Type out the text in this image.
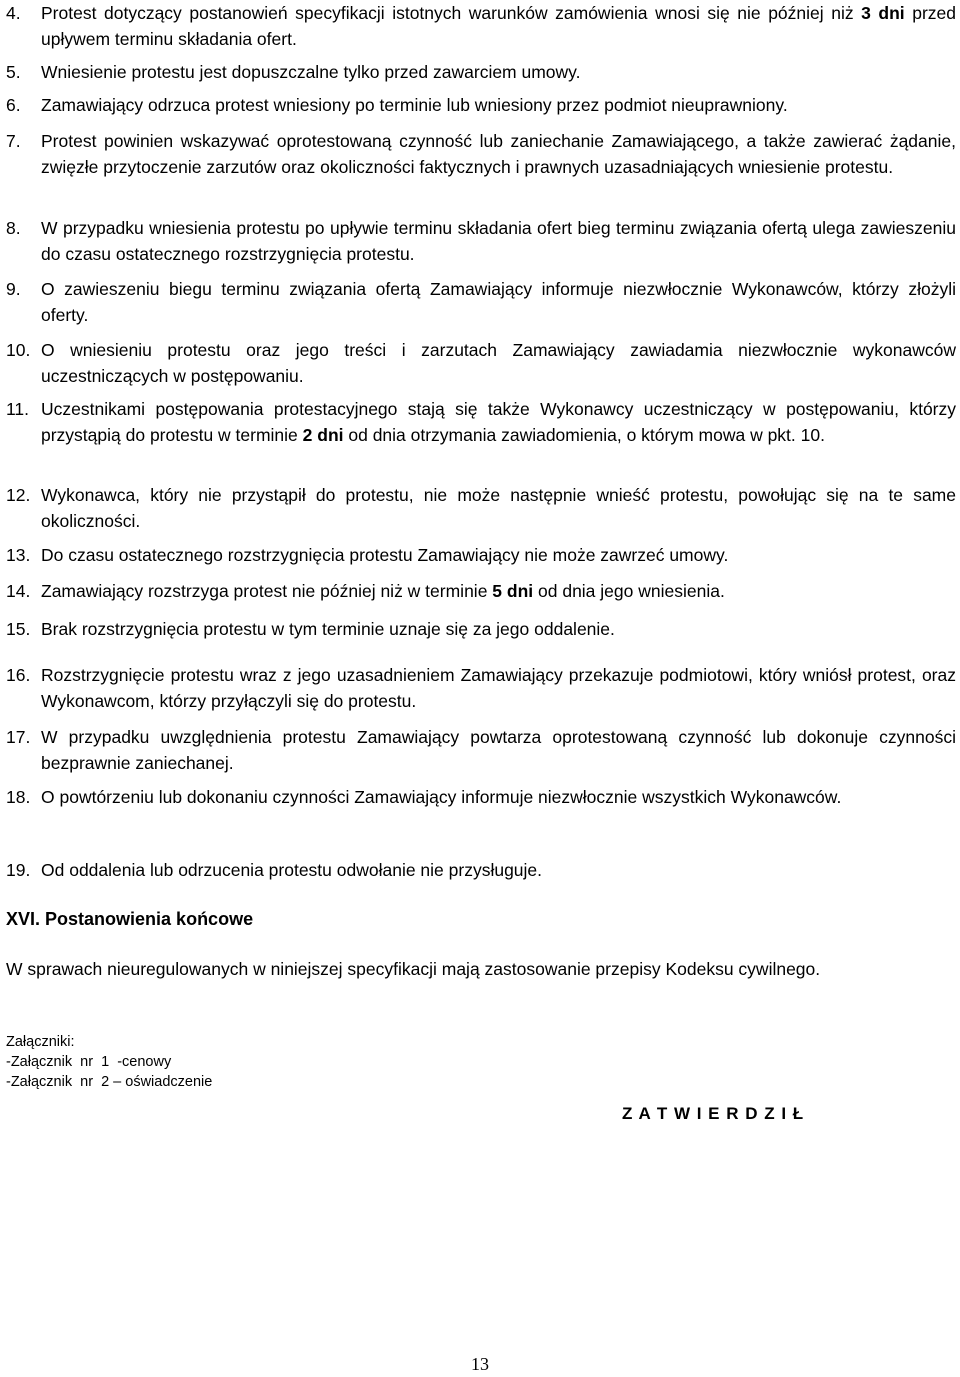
4. Protest dotyczący postanowień specyfikacji istotnych warunków zamówienia wnosi się nie później niż 3 dni przed upływem terminu składania ofert.
5. Wniesienie protestu jest dopuszczalne tylko przed zawarciem umowy.
6. Zamawiający odrzuca protest wniesiony po terminie lub wniesiony przez podmiot nieuprawniony.
7. Protest powinien wskazywać oprotestowaną czynność lub zaniechanie Zamawiającego, a także zawierać żądanie, zwięzłe przytoczenie zarzutów oraz okoliczności faktycznych i prawnych uzasadniających wniesienie protestu.
8. W przypadku wniesienia protestu po upływie terminu składania ofert bieg terminu związania ofertą ulega zawieszeniu do czasu ostatecznego rozstrzygnięcia protestu.
9. O zawieszeniu biegu terminu związania ofertą Zamawiający informuje niezwłocznie Wykonawców, którzy złożyli oferty.
10. O wniesieniu protestu oraz jego treści i zarzutach Zamawiający zawiadamia niezwłocznie wykonawców uczestniczących w postępowaniu.
11. Uczestnikami postępowania protestacyjnego stają się także Wykonawcy uczestniczący w postępowaniu, którzy przystąpią do protestu w terminie 2 dni od dnia otrzymania zawiadomienia, o którym mowa w pkt. 10.
12. Wykonawca, który nie przystąpił do protestu, nie może następnie wnieść protestu, powołując się na te same okoliczności.
13. Do czasu ostatecznego rozstrzygnięcia protestu Zamawiający nie może zawrzeć umowy.
14. Zamawiający rozstrzyga protest nie później niż w terminie 5 dni od dnia jego wniesienia.
15. Brak rozstrzygnięcia protestu w tym terminie uznaje się za jego oddalenie.
16. Rozstrzygnięcie protestu wraz z jego uzasadnieniem Zamawiający przekazuje podmiotowi, który wniósł protest, oraz Wykonawcom, którzy przyłączyli się do protestu.
17. W przypadku uwzględnienia protestu Zamawiający powtarza oprotestowaną czynność lub dokonuje czynności bezprawnie zaniechanej.
18. O powtórzeniu lub dokonaniu czynności Zamawiający informuje niezwłocznie wszystkich Wykonawców.
19. Od oddalenia lub odrzucenia protestu odwołanie nie przysługuje.
XVI. Postanowienia końcowe
W sprawach nieuregulowanych w niniejszej specyfikacji mają zastosowanie przepisy Kodeksu cywilnego.
Załączniki:
-Załącznik  nr  1  -cenowy
-Załącznik  nr  2 – oświadczenie
Z A T W I E R D Z I Ł
13
